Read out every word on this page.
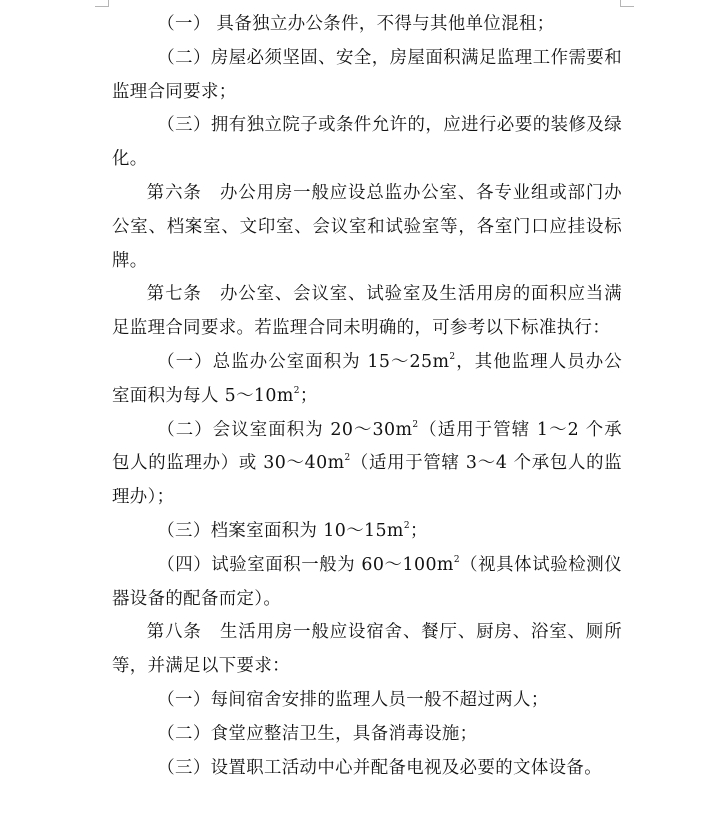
（一） 具备独立办公条件，不得与其他单位混租；

（二）房屋必须坚固、安全，房屋面积满足监理工作需要和监理合同要求；

（三）拥有独立院子或条件允许的，应进行必要的装修及绿化。

第六条　办公用房一般应设总监办公室、各专业组或部门办公室、档案室、文印室、会议室和试验室等，各室门口应挂设标牌。

第七条　办公室、会议室、试验室及生活用房的面积应当满足监理合同要求。若监理合同未明确的，可参考以下标准执行：

（一）总监办公室面积为 $15\sim 25m^2$，其他监理人员办公室面积为每人 $5\sim 10m^2$；

（二）会议室面积为 $20\sim 30m^2$（适用于管辖 1～2 个承包人的监理办）或 $30\sim 40m^2$（适用于管辖 3～4 个承包人的监理办）；

（三）档案室面积为 $10\sim 15m^2$；

（四）试验室面积一般为 $60\sim 100m^2$（视具体试验检测仪器设备的配备而定）。

第八条　生活用房一般应设宿舍、餐厅、厨房、浴室、厕所等，并满足以下要求：

（一）每间宿舍安排的监理人员一般不超过两人；

（二）食堂应整洁卫生，具备消毒设施；

（三）设置职工活动中心并配备电视及必要的文体设备。
